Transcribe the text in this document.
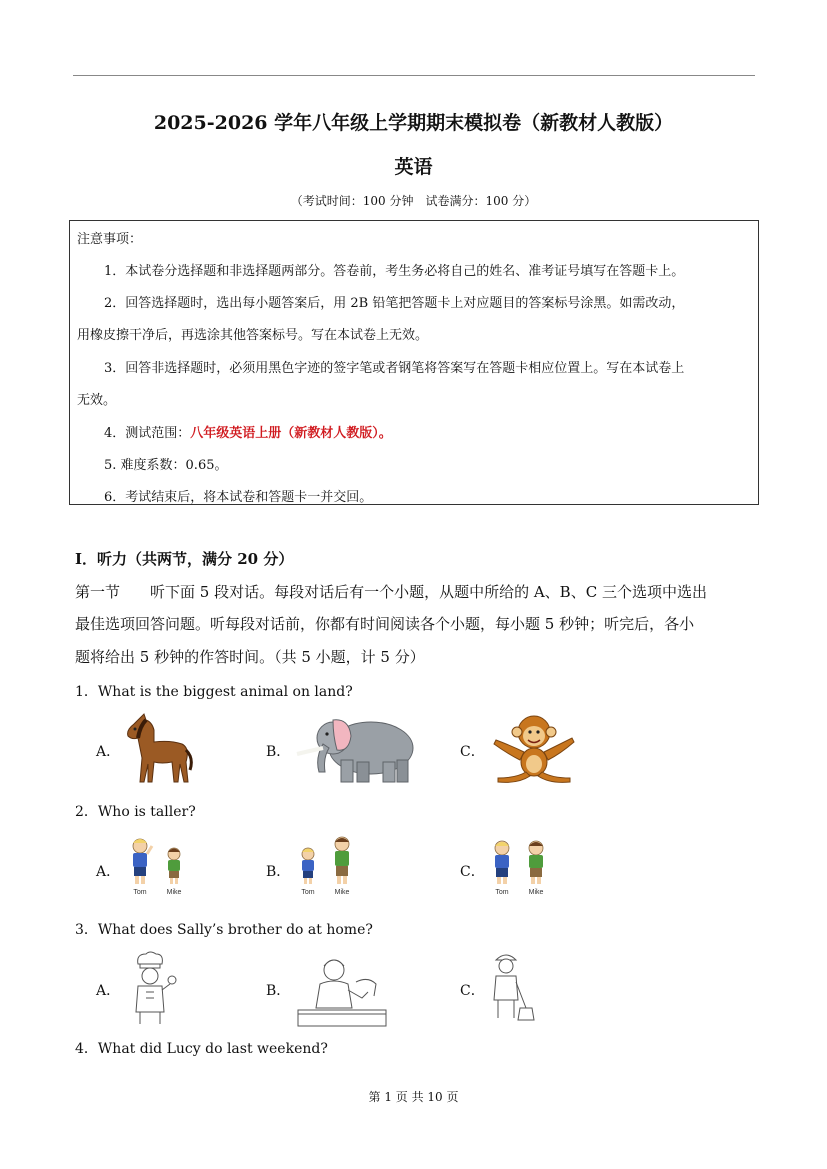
2025-2026 学年八年级上学期期末模拟卷（新教材人教版）
英语
（考试时间：100 分钟　试卷满分：100 分）
注意事项：
1．本试卷分选择题和非选择题两部分。答卷前，考生务必将自己的姓名、准考证号填写在答题卡上。
2．回答选择题时，选出每小题答案后，用 2B 铅笔把答题卡上对应题目的答案标号涂黑。如需改动，
用橡皮擦干净后，再选涂其他答案标号。写在本试卷上无效。
3．回答非选择题时，必须用黑色字迹的签字笔或者钢笔将答案写在答题卡相应位置上。写在本试卷上
无效。
4．测试范围：八年级英语上册（新教材人教版）。
5. 难度系数：0.65。
6．考试结束后，将本试卷和答题卡一并交回。
I．听力（共两节，满分 20 分）
第一节　　听下面 5 段对话。每段对话后有一个小题，从题中所给的 A、B、C 三个选项中选出
最佳选项回答问题。听每段对话前，你都有时间阅读各个小题，每小题 5 秒钟；听完后，各小
题将给出 5 秒钟的作答时间。（共 5 小题，计 5 分）
1．What is the biggest animal on land?
A．	B．	C．
2．Who is taller?
A．	B．	C．
Tom	Mike	Tom	Mike	Tom	Mike
3．What does Sally’s brother do at home?
A．	B．	C．
4．What did Lucy do last weekend?
第 1 页 共 10 页
